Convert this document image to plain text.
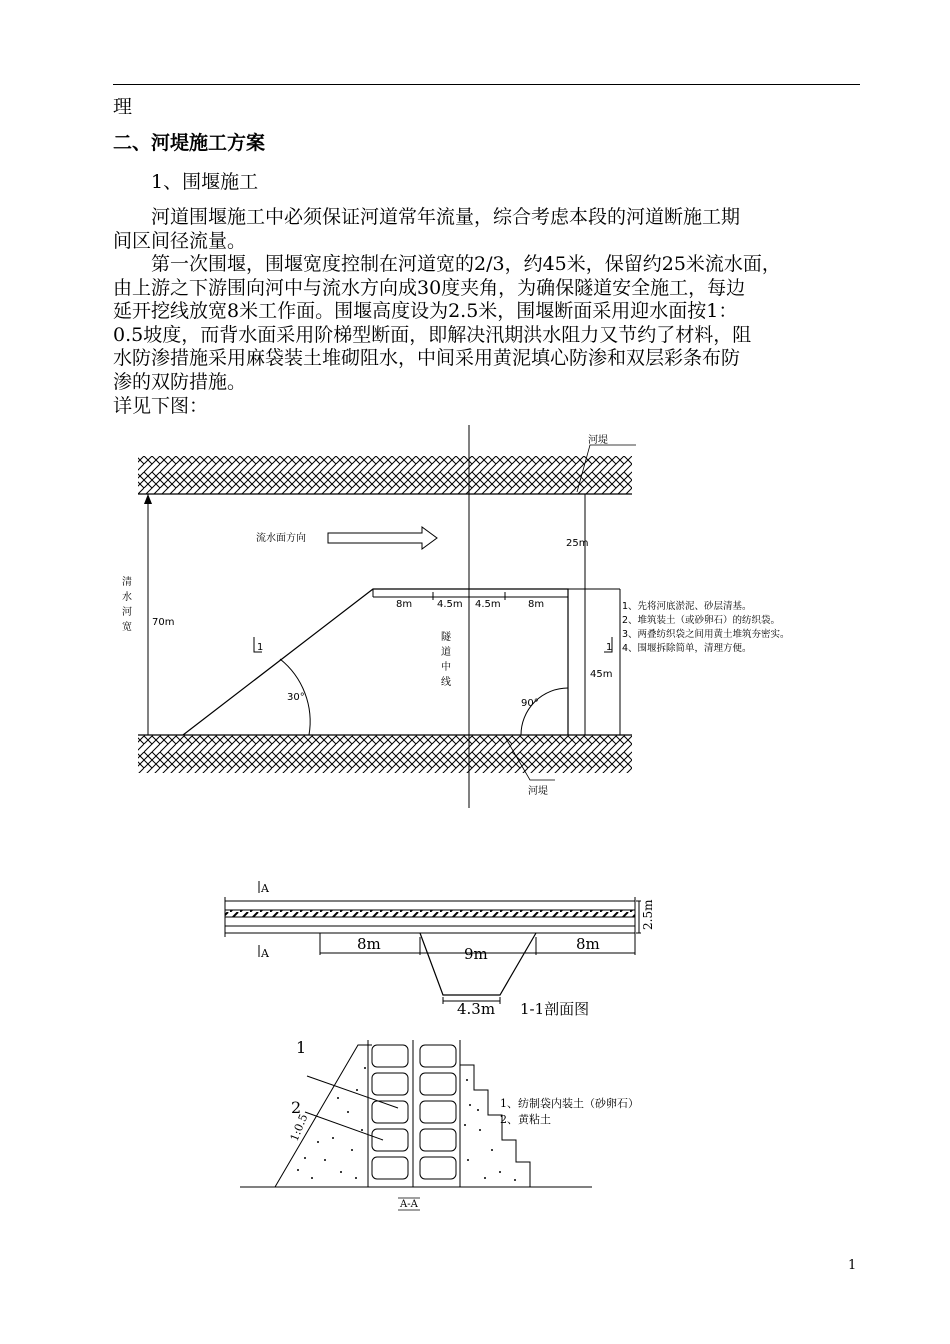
理
二、河堤施工方案
1、围堰施工
河道围堰施工中必须保证河道常年流量，综合考虑本段的河道断施工期
间区间径流量。
第一次围堰，围堰宽度控制在河道宽的2/3，约45米，保留约25米流水面，
由上游之下游围向河中与流水方向成30度夹角，为确保隧道安全施工，每边
延开挖线放宽8米工作面。围堰高度设为2.5米，围堰断面采用迎水面按1：
0.5坡度，而背水面采用阶梯型断面，即解决汛期洪水阻力又节约了材料，阻
水防渗措施采用麻袋装土堆砌阻水，中间采用黄泥填心防渗和双层彩条布防
渗的双防措施。
详见下图：
河堤
河堤
流水面方向	25m
70m
45m
清
水
河
宽
隧
道
中
线
8m 4.5m 4.5m	8m
30°
90°
1	1
1、先将河底淤泥、砂层清基。
2、堆筑装土（或砂卵石）的纺织袋。
3、两叠纺织袋之间用黄土堆筑夯密实。
4、围堰拆除简单，清理方便。
A
A
2.5m
8m
9m
8m
4.3m 1-1剖面图
1
2
1:0.5
1、纺制袋内装土（砂卵石）
2、黄粘土
A-A
1
